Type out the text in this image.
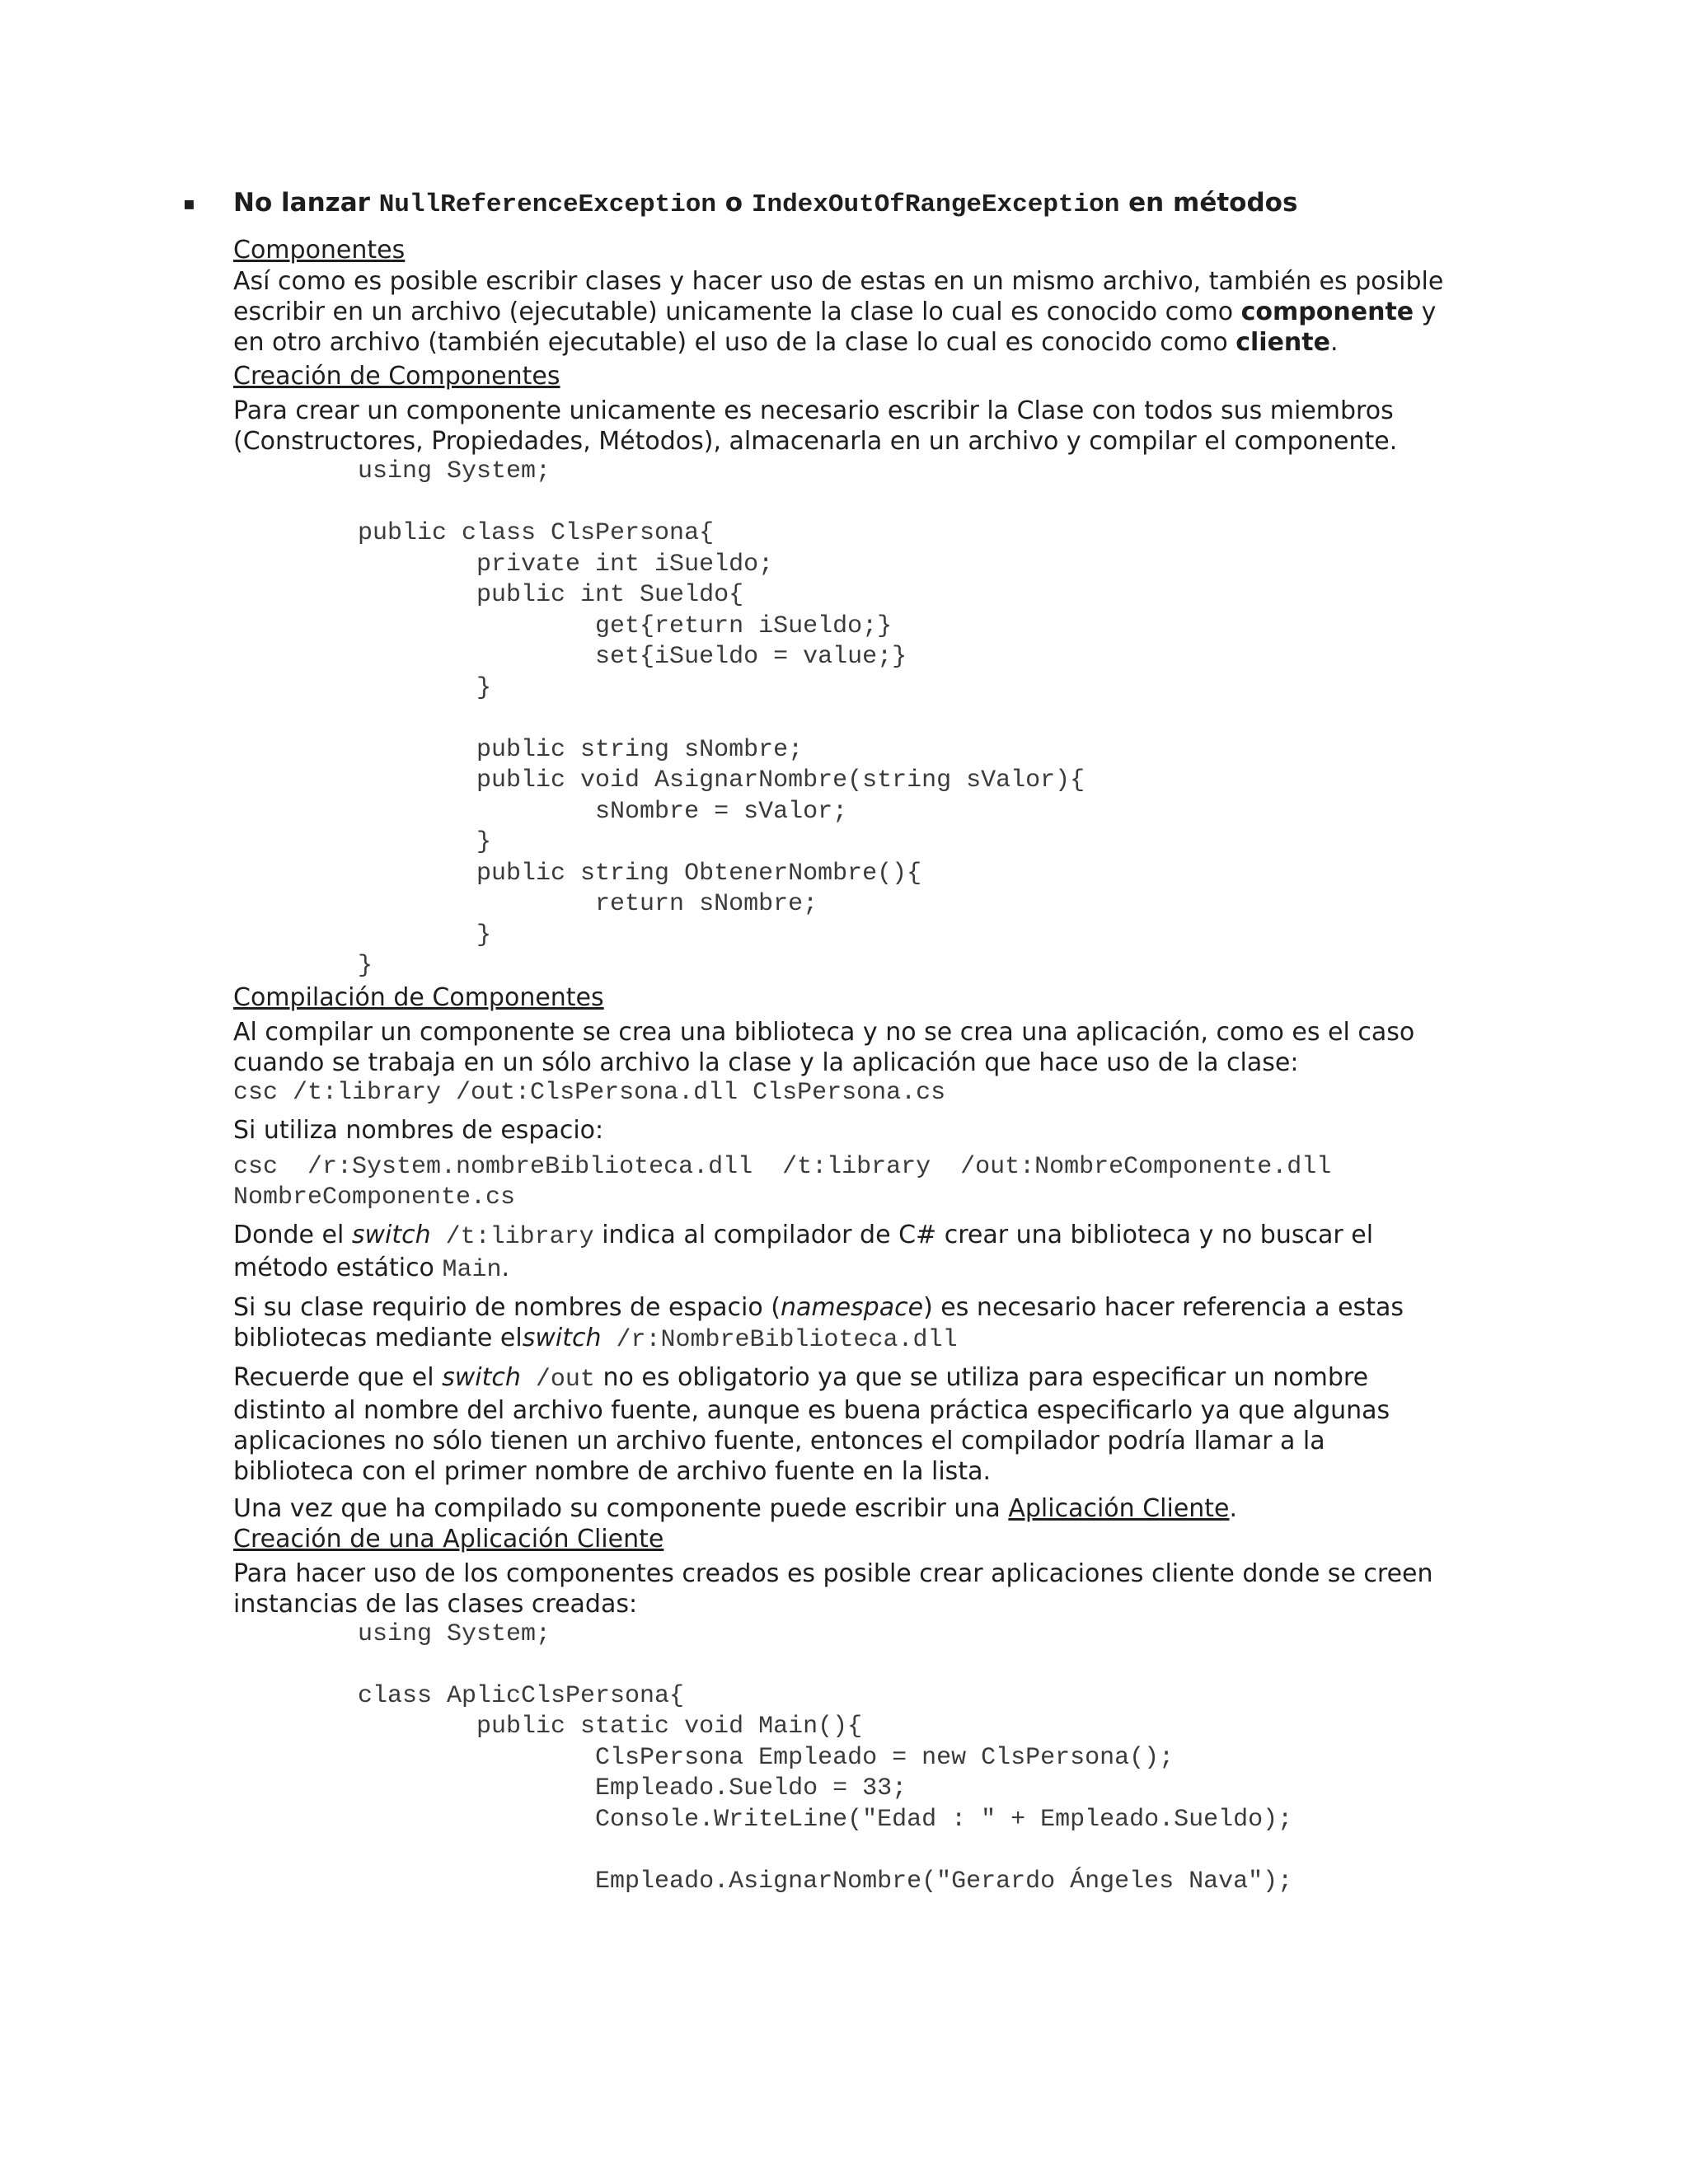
▪ No lanzar NullReferenceException o IndexOutOfRangeException en métodos

Componentes

Así como es posible escribir clases y hacer uso de estas en un mismo archivo, también es posible escribir en un archivo (ejecutable) unicamente la clase lo cual es conocido como componente y en otro archivo (también ejecutable) el uso de la clase lo cual es conocido como cliente.

Creación de Componentes

Para crear un componente unicamente es necesario escribir la Clase con todos sus miembros (Constructores, Propiedades, Métodos), almacenarla en un archivo y compilar el componente.

using System;
public class ClsPersona{
private int iSueldo;
public int Sueldo{
get{return iSueldo;}
set{iSueldo = value;}
}
public string sNombre;
public void AsignarNombre(string sValor){
sNombre = sValor;
}
public string ObtenerNombre(){
return sNombre;
}
}

Compilación de Componentes

Al compilar un componente se crea una biblioteca y no se crea una aplicación, como es el caso cuando se trabaja en un sólo archivo la clase y la aplicación que hace uso de la clase:

csc /t:library /out:ClsPersona.dll ClsPersona.cs

Si utiliza nombres de espacio:

csc  /r:System.nombreBiblioteca.dll  /t:library  /out:NombreComponente.dll

NombreComponente.cs

Donde el switch /t:library indica al compilador de C# crear una biblioteca y no buscar el método estático Main.

Si su clase requirio de nombres de espacio (namespace) es necesario hacer referencia a estas bibliotecas mediante elswitch /r:NombreBiblioteca.dll

Recuerde que el switch /out no es obligatorio ya que se utiliza para especificar un nombre distinto al nombre del archivo fuente, aunque es buena práctica especificarlo ya que algunas aplicaciones no sólo tienen un archivo fuente, entonces el compilador podría llamar a la biblioteca con el primer nombre de archivo fuente en la lista.

Una vez que ha compilado su componente puede escribir una Aplicación Cliente.

Creación de una Aplicación Cliente

Para hacer uso de los componentes creados es posible crear aplicaciones cliente donde se creen instancias de las clases creadas:

using System;
class AplicClsPersona{
public static void Main(){
ClsPersona Empleado = new ClsPersona();
Empleado.Sueldo = 33;
Console.WriteLine("Edad : " + Empleado.Sueldo);
Empleado.AsignarNombre("Gerardo Ángeles Nava");
